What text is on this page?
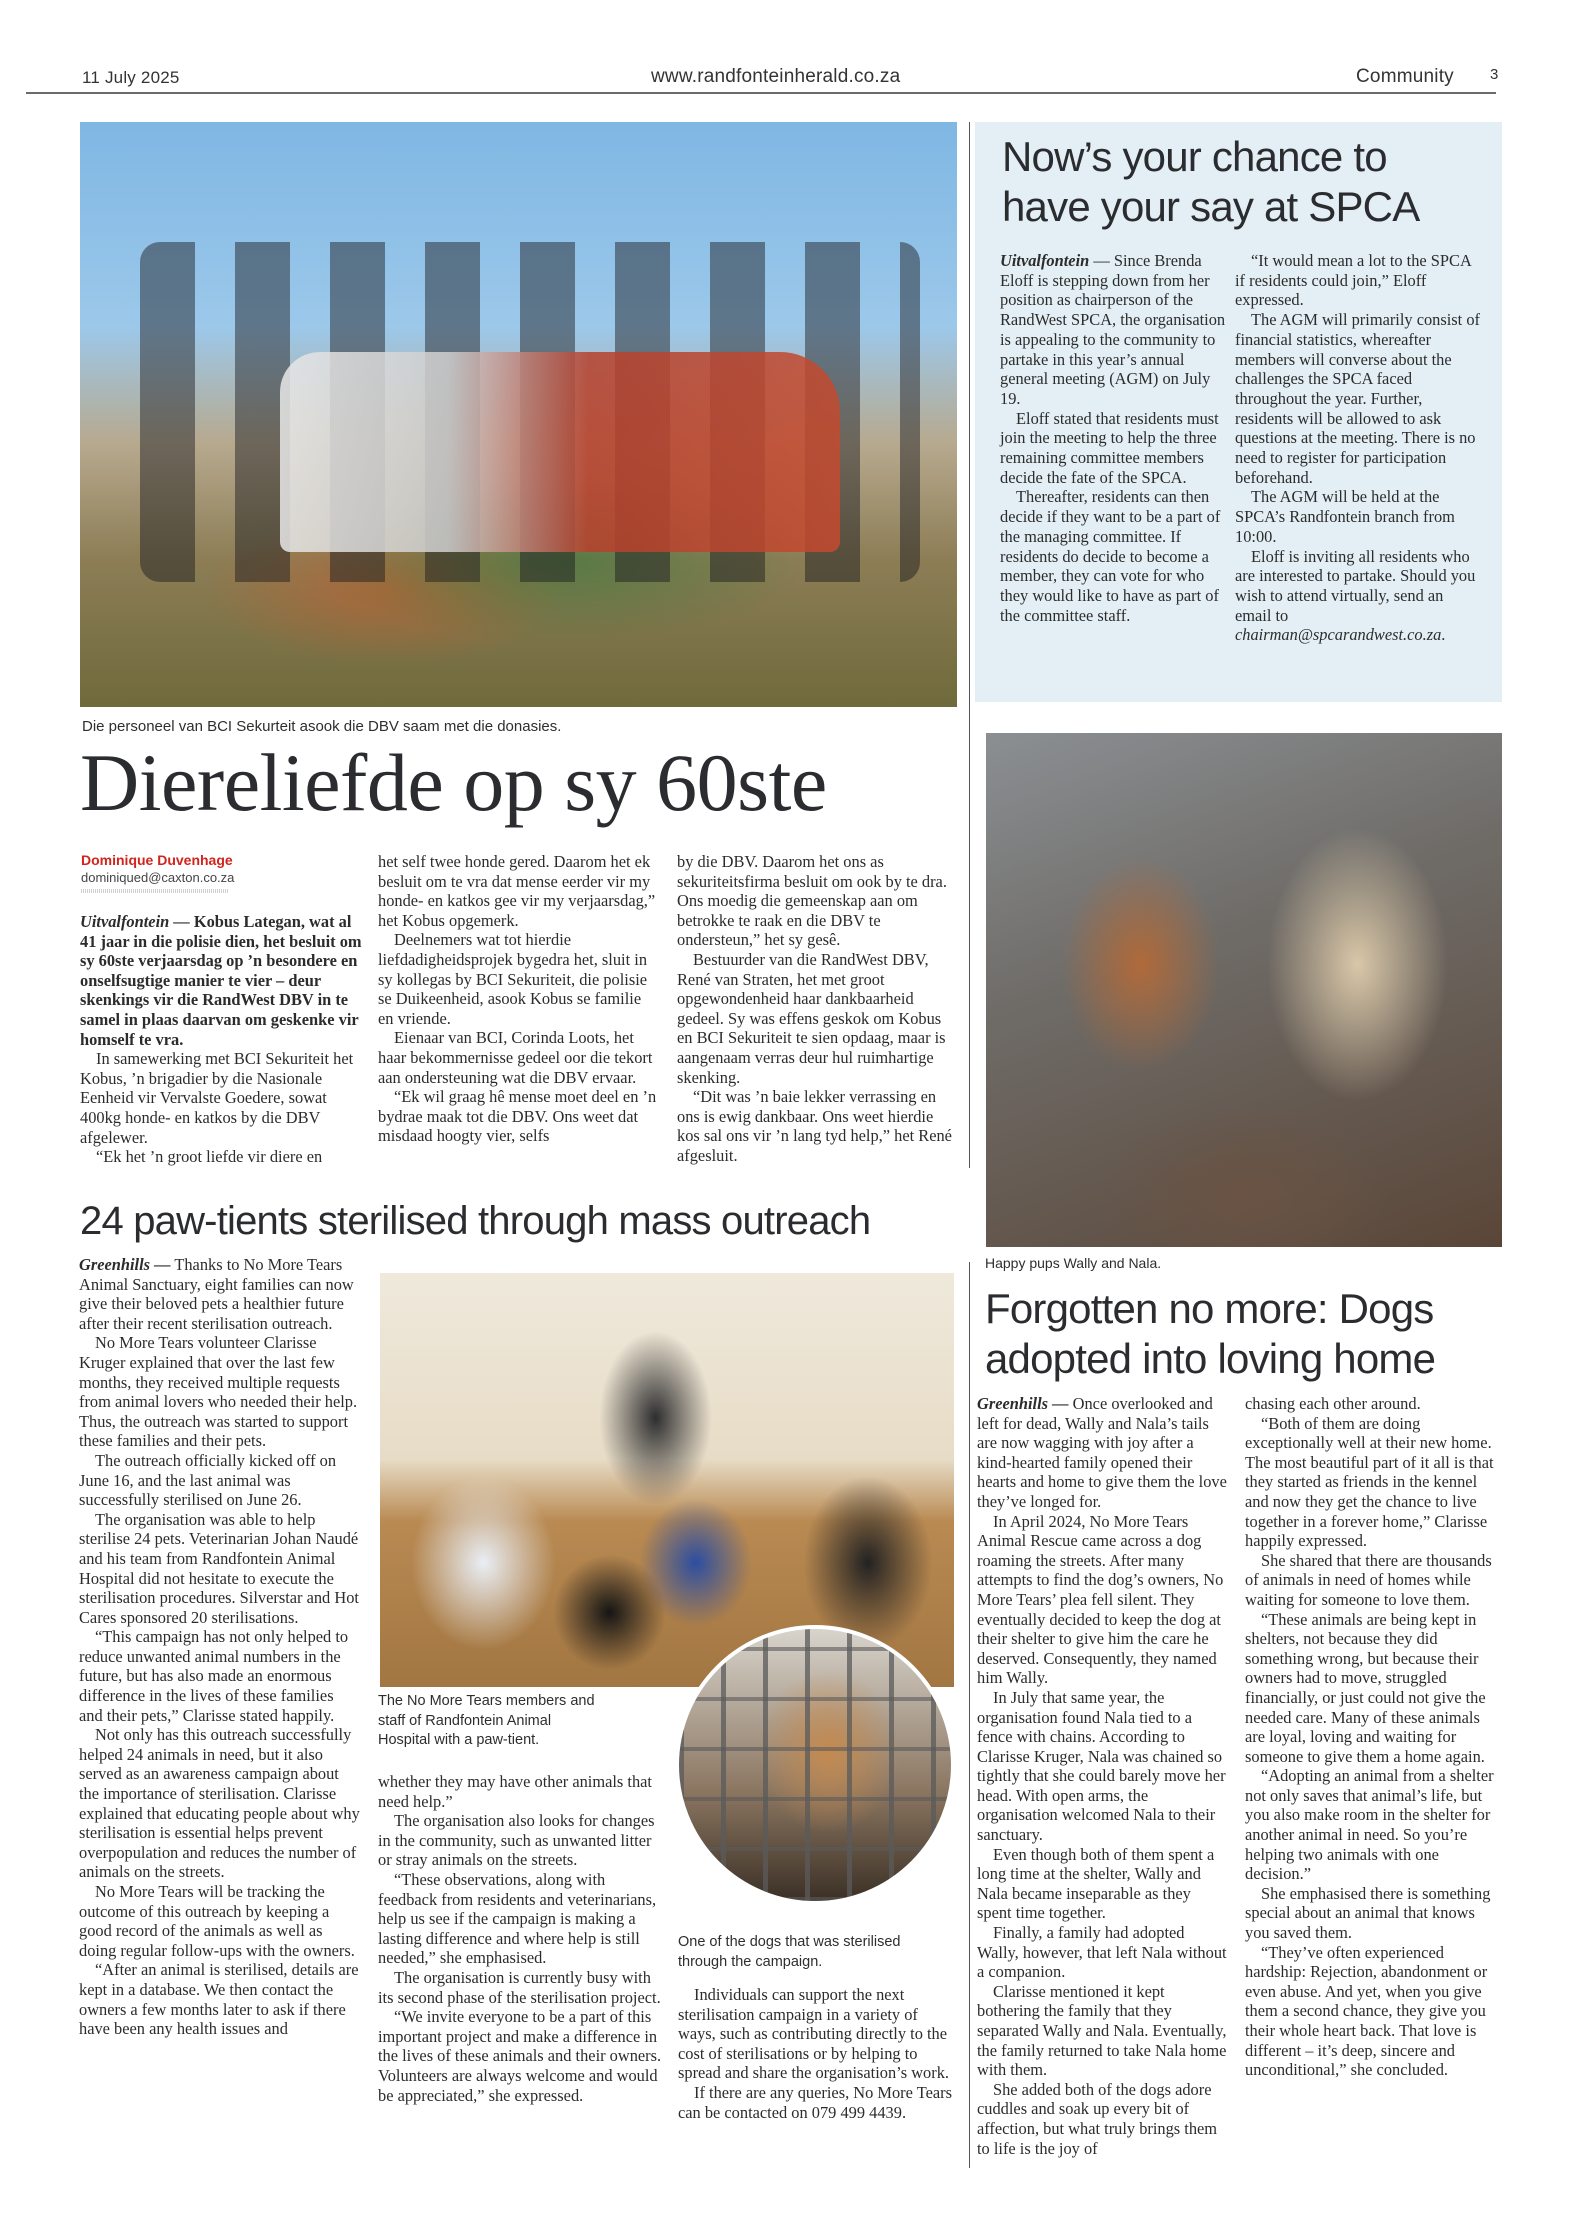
11 July 2025	www.randfonteinherald.co.za	Community 3
Die personeel van BCI Sekurteit asook die DBV saam met die donasies.
Diereliefde op sy 60ste
Dominique Duvenhage
dominiqued@caxton.co.za

Uitvalfontein — Kobus Lategan, wat al 41 jaar in die polisie dien, het besluit om sy 60ste verjaarsdag op ’n besondere en onselfsugtige manier te vier – deur skenkings vir die RandWest DBV in te samel in plaas daarvan om geskenke vir homself te vra.

In samewerking met BCI Sekuriteit het Kobus, ’n brigadier by die Nasionale Eenheid vir Vervalste Goedere, sowat 400kg honde- en katkos by die DBV afgelewer.

“Ek het ’n groot liefde vir diere en

het self twee honde gered. Daarom het ek besluit om te vra dat mense eerder vir my honde- en katkos gee vir my verjaarsdag,” het Kobus opgemerk.

Deelnemers wat tot hierdie liefdadigheidsprojek bygedra het, sluit in sy kollegas by BCI Sekuriteit, die polisie se Duikeenheid, asook Kobus se familie en vriende.

Eienaar van BCI, Corinda Loots, het haar bekommernisse gedeel oor die tekort aan ondersteuning wat die DBV ervaar.

“Ek wil graag hê mense moet deel en ’n bydrae maak tot die DBV. Ons weet dat misdaad hoogty vier, selfs

by die DBV. Daarom het ons as sekuriteitsfirma besluit om ook by te dra. Ons moedig die gemeenskap aan om betrokke te raak en die DBV te ondersteun,” het sy gesê.

Bestuurder van die RandWest DBV, René van Straten, het met groot opgewondenheid haar dankbaarheid gedeel. Sy was effens geskok om Kobus en BCI Sekuriteit te sien opdaag, maar is aangenaam verras deur hul ruimhartige skenking.

“Dit was ’n baie lekker verrassing en ons is ewig dankbaar. Ons weet hierdie kos sal ons vir ’n lang tyd help,” het René afgesluit.

Now’s your chance to
have your say at SPCA

Uitvalfontein — Since Brenda Eloff is stepping down from her position as chairperson of the RandWest SPCA, the organisation is appealing to the community to partake in this year’s annual general meeting (AGM) on July 19.

Eloff stated that residents must join the meeting to help the three remaining committee members decide the fate of the SPCA.

Thereafter, residents can then decide if they want to be a part of the managing committee. If residents do decide to become a member, they can vote for who they would like to have as part of the committee staff.

“It would mean a lot to the SPCA if residents could join,” Eloff expressed.

The AGM will primarily consist of financial statistics, whereafter members will converse about the challenges the SPCA faced throughout the year. Further, residents will be allowed to ask questions at the meeting. There is no need to register for participation beforehand.

The AGM will be held at the SPCA’s Randfontein branch from 10:00.

Eloff is inviting all residents who are interested to partake. Should you wish to attend virtually, send an email to chairman@spcarandwest.co.za.

Happy pups Wally and Nala.
Forgotten no more: Dogs
adopted into loving home

Greenhills — Once overlooked and left for dead, Wally and Nala’s tails are now wagging with joy after a kind-hearted family opened their hearts and home to give them the love they’ve longed for.

In April 2024, No More Tears Animal Rescue came across a dog roaming the streets. After many attempts to find the dog’s owners, No More Tears’ plea fell silent. They eventually decided to keep the dog at their shelter to give him the care he deserved. Consequently, they named him Wally.

In July that same year, the organisation found Nala tied to a fence with chains. According to Clarisse Kruger, Nala was chained so tightly that she could barely move her head. With open arms, the organisation welcomed Nala to their sanctuary.

Even though both of them spent a long time at the shelter, Wally and Nala became inseparable as they spent time together.

Finally, a family had adopted Wally, however, that left Nala without a companion.

Clarisse mentioned it kept bothering the family that they separated Wally and Nala. Eventually, the family returned to take Nala home with them.

She added both of the dogs adore cuddles and soak up every bit of affection, but what truly brings them to life is the joy of

chasing each other around.

“Both of them are doing exceptionally well at their new home. The most beautiful part of it all is that they started as friends in the kennel and now they get the chance to live together in a forever home,” Clarisse happily expressed.

She shared that there are thousands of animals in need of homes while waiting for someone to love them.

“These animals are being kept in shelters, not because they did something wrong, but because their owners had to move, struggled financially, or just could not give the needed care. Many of these animals are loyal, loving and waiting for someone to give them a home again.

“Adopting an animal from a shelter not only saves that animal’s life, but you also make room in the shelter for another animal in need. So you’re helping two animals with one decision.”

She emphasised there is something special about an animal that knows you saved them.

“They’ve often experienced hardship: Rejection, abandonment or even abuse. And yet, when you give them a second chance, they give you their whole heart back. That love is different – it’s deep, sincere and unconditional,” she concluded.

24 paw-tients sterilised through mass outreach

Greenhills — Thanks to No More Tears Animal Sanctuary, eight families can now give their beloved pets a healthier future after their recent sterilisation outreach.

No More Tears volunteer Clarisse Kruger explained that over the last few months, they received multiple requests from animal lovers who needed their help. Thus, the outreach was started to support these families and their pets.

The outreach officially kicked off on June 16, and the last animal was successfully sterilised on June 26.

The organisation was able to help sterilise 24 pets. Veterinarian Johan Naudé and his team from Randfontein Animal Hospital did not hesitate to execute the sterilisation procedures. Silverstar and Hot Cares sponsored 20 sterilisations.

“This campaign has not only helped to reduce unwanted animal numbers in the future, but has also made an enormous difference in the lives of these families and their pets,” Clarisse stated happily.

Not only has this outreach successfully helped 24 animals in need, but it also served as an awareness campaign about the importance of sterilisation. Clarisse explained that educating people about why sterilisation is essential helps prevent overpopulation and reduces the number of animals on the streets.

No More Tears will be tracking the outcome of this outreach by keeping a good record of the animals as well as doing regular follow-ups with the owners.

“After an animal is sterilised, details are kept in a database. We then contact the owners a few months later to ask if there have been any health issues and

The No More Tears members and staff of Randfontein Animal Hospital with a paw-tient.

whether they may have other animals that need help.”

The organisation also looks for changes in the community, such as unwanted litter or stray animals on the streets.

“These observations, along with feedback from residents and veterinarians, help us see if the campaign is making a lasting difference and where help is still needed,” she emphasised.

The organisation is currently busy with its second phase of the sterilisation project.

“We invite everyone to be a part of this important project and make a difference in the lives of these animals and their owners. Volunteers are always welcome and would be appreciated,” she expressed.

One of the dogs that was sterilised through the campaign.

Individuals can support the next sterilisation campaign in a variety of ways, such as contributing directly to the cost of sterilisations or by helping to spread and share the organisation’s work.

If there are any queries, No More Tears can be contacted on 079 499 4439.
